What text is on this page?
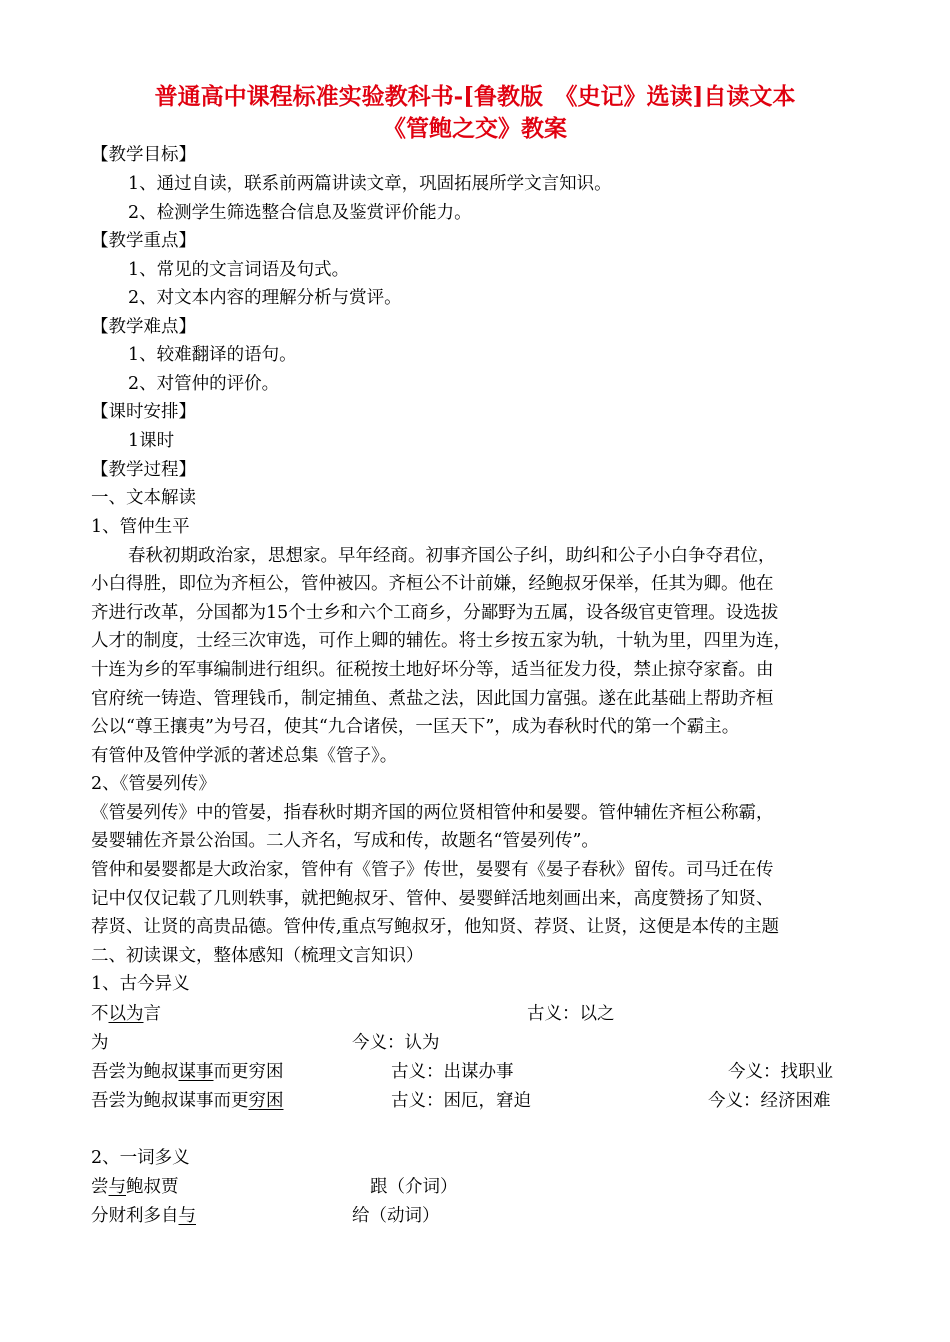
普通高中课程标准实验教科书-[鲁教版　《史记》选读]自读文本
《管鲍之交》教案
【教学目标】
1、通过自读，联系前两篇讲读文章，巩固拓展所学文言知识。
2、检测学生筛选整合信息及鉴赏评价能力。
【教学重点】
1、常见的文言词语及句式。
2、对文本内容的理解分析与赏评。
【教学难点】
1、较难翻译的语句。
2、对管仲的评价。
【课时安排】
1课时
【教学过程】
一、文本解读
1、管仲生平
春秋初期政治家，思想家。早年经商。初事齐国公子纠，助纠和公子小白争夺君位，
小白得胜，即位为齐桓公，管仲被囚。齐桓公不计前嫌，经鲍叔牙保举，任其为卿。他在
齐进行改革，分国都为15个士乡和六个工商乡，分鄙野为五属，设各级官吏管理。设选拔
人才的制度，士经三次审选，可作上卿的辅佐。将士乡按五家为轨，十轨为里，四里为连，
十连为乡的军事编制进行组织。征税按土地好坏分等，适当征发力役，禁止掠夺家畜。由
官府统一铸造、管理钱币，制定捕鱼、煮盐之法，因此国力富强。遂在此基础上帮助齐桓
公以“尊王攘夷”为号召，使其“九合诸侯，一匡天下”，成为春秋时代的第一个霸主。
有管仲及管仲学派的著述总集《管子》。
2、《管晏列传》
《管晏列传》中的管晏，指春秋时期齐国的两位贤相管仲和晏婴。管仲辅佐齐桓公称霸，
晏婴辅佐齐景公治国。二人齐名，写成和传，故题名“管晏列传”。
管仲和晏婴都是大政治家，管仲有《管子》传世，晏婴有《晏子春秋》留传。司马迁在传
记中仅仅记载了几则轶事，就把鲍叔牙、管仲、晏婴鲜活地刻画出来，高度赞扬了知贤、
荐贤、让贤的高贵品德。管仲传,重点写鲍叔牙，他知贤、荐贤、让贤，这便是本传的主题
二、初读课文，整体感知（梳理文言知识）
1、古今异义
不以为言	古义：以之
为	今义：认为
吾尝为鲍叔谋事而更穷困	古义：出谋办事	今义：找职业
吾尝为鲍叔谋事而更穷困	古义：困厄，窘迫	今义：经济困难
2、一词多义
尝与鲍叔贾	跟（介词）
分财利多自与	给（动词）
